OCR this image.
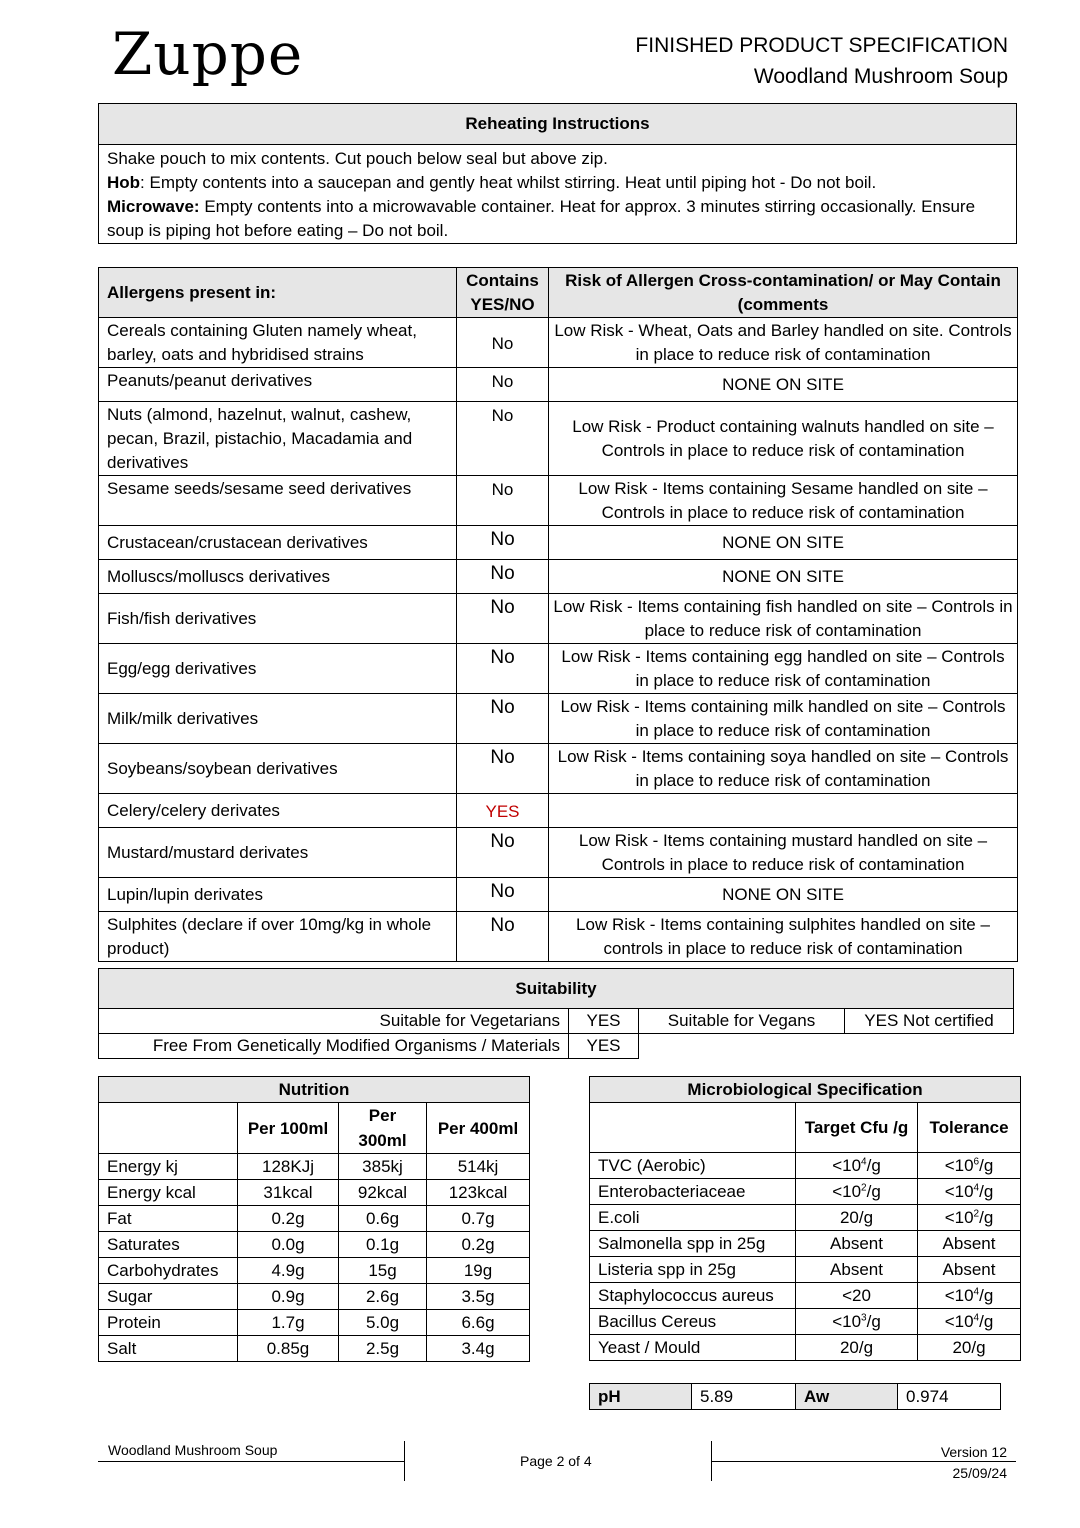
Zuppe	FINISHED PRODUCT SPECIFICATION
Woodland Mushroom Soup
Reheating Instructions

Shake pouch to mix contents. Cut pouch below seal but above zip.
Hob: Empty contents into a saucepan and gently heat whilst stirring. Heat until piping hot - Do not boil.
Microwave: Empty contents into a microwavable container. Heat for approx. 3 minutes stirring occasionally. Ensure soup is piping hot before eating – Do not boil.
Allergens present in:	Contains YES/NO	Risk of Allergen Cross-contamination/ or May Contain (comments
Cereals containing Gluten namely wheat, barley, oats and hybridised strains	No	Low Risk - Wheat, Oats and Barley handled on site. Controls in place to reduce risk of contamination
Peanuts/peanut derivatives	No	NONE ON SITE
Nuts (almond, hazelnut, walnut, cashew, pecan, Brazil, pistachio, Macadamia and derivatives	No	Low Risk - Product containing walnuts handled on site – Controls in place to reduce risk of contamination
Sesame seeds/sesame seed derivatives	No	Low Risk - Items containing Sesame handled on site – Controls in place to reduce risk of contamination
Crustacean/crustacean derivatives	No	NONE ON SITE
Molluscs/molluscs derivatives	No	NONE ON SITE
Fish/fish derivatives	No	Low Risk - Items containing fish handled on site – Controls in place to reduce risk of contamination
Egg/egg derivatives	No	Low Risk - Items containing egg handled on site – Controls in place to reduce risk of contamination
Milk/milk derivatives	No	Low Risk - Items containing milk handled on site – Controls in place to reduce risk of contamination
Soybeans/soybean derivatives	No	Low Risk - Items containing soya handled on site – Controls in place to reduce risk of contamination
Celery/celery derivates	YES	
Mustard/mustard derivates	No	Low Risk - Items containing mustard handled on site – Controls in place to reduce risk of contamination
Lupin/lupin derivates	No	NONE ON SITE
Sulphites (declare if over 10mg/kg in whole product)	No	Low Risk - Items containing sulphites handled on site – controls in place to reduce risk of contamination
Suitability			
Suitable for Vegetarians	YES	Suitable for Vegans	YES Not certified
Free From Genetically Modified Organisms / Materials	YES		
Nutrition			
	Per 100ml	Per 300ml	Per 400ml
Energy kj	128KJj	385kj	514kj
Energy kcal	31kcal	92kcal	123kcal
Fat	0.2g	0.6g	0.7g
Saturates	0.0g	0.1g	0.2g
Carbohydrates	4.9g	15g	19g
Sugar	0.9g	2.6g	3.5g
Protein	1.7g	5.0g	6.6g
Salt	0.85g	2.5g	3.4g
Microbiological Specification		
	Target Cfu /g	Tolerance
TVC (Aerobic)	$<10^4/g$	$<10^6/g$
Enterobacteriaceae	$<10^2/g$	$<10^4/g$
E.coli	20/g	$<10^2/g$
Salmonella spp in 25g	Absent	Absent
Listeria spp in 25g	Absent	Absent
Staphylococcus aureus	<20	$<10^4/g$
Bacillus Cereus	$<10^3/g$	$<10^4/g$
Yeast / Mould	20/g	20/g
pH	5.89	Aw	0.974
Woodland Mushroom Soup
Page 2 of 4
Version 12
25/09/24
